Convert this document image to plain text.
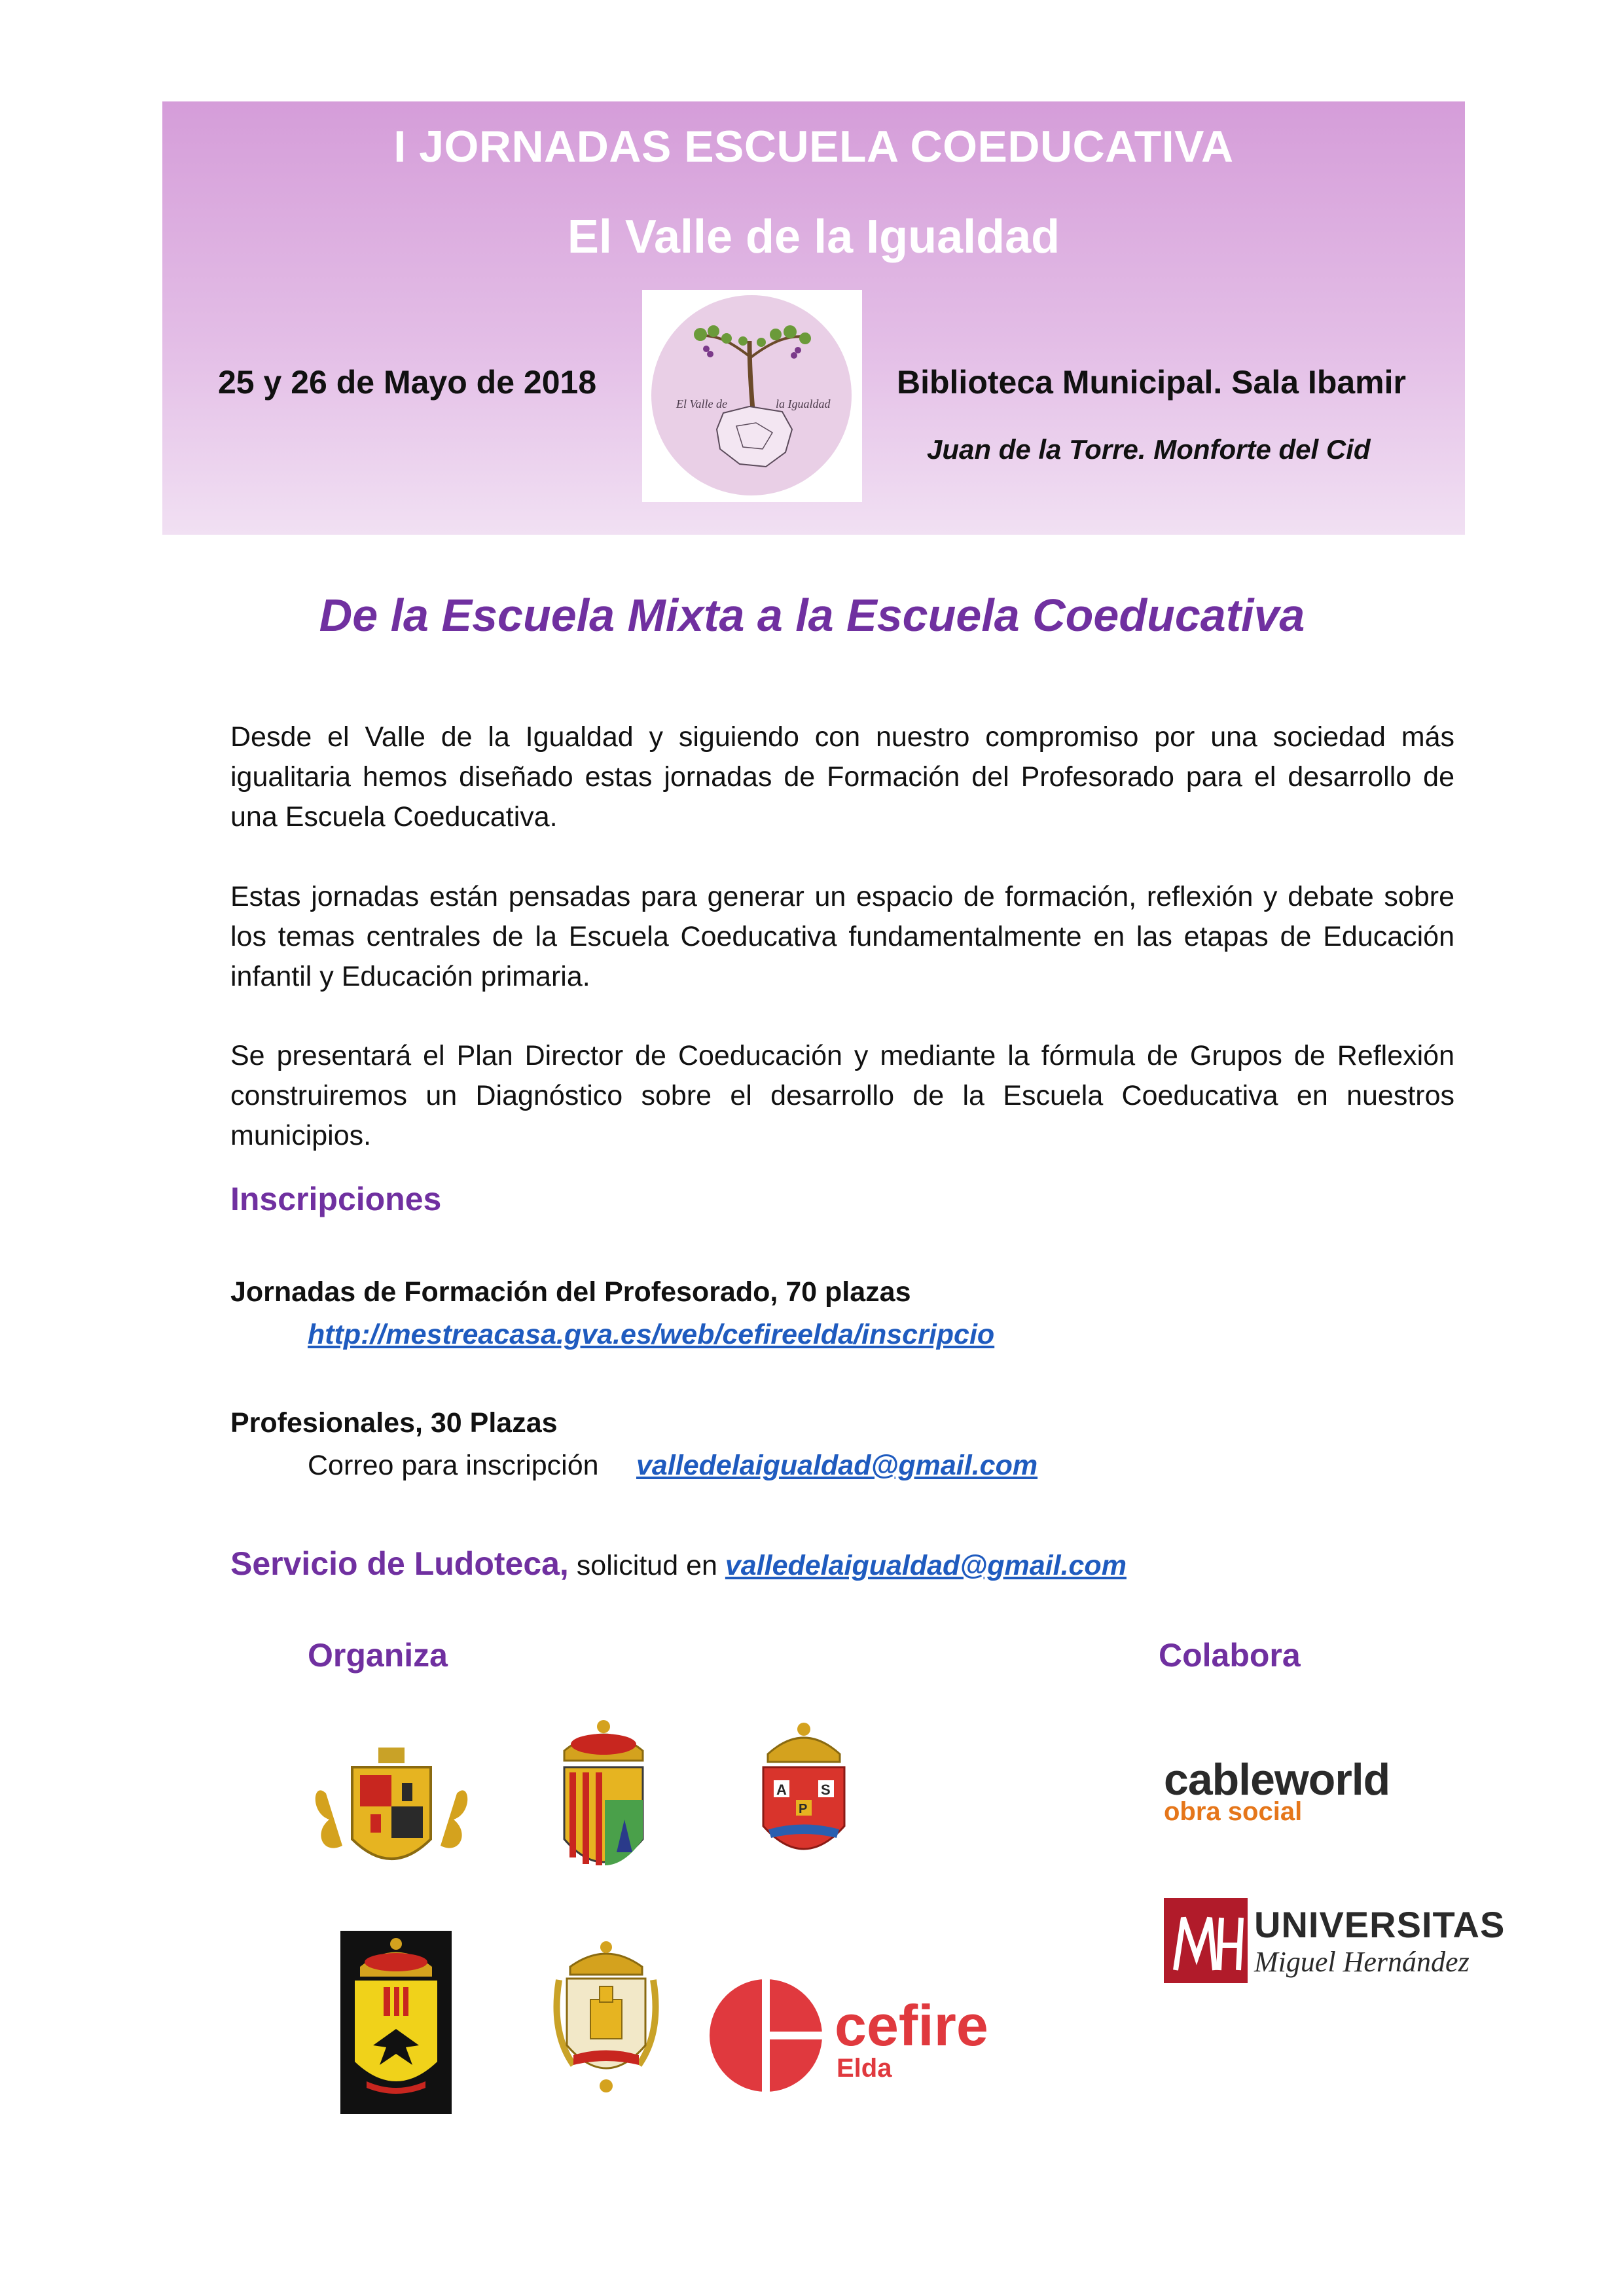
I JORNADAS ESCUELA COEDUCATIVA
El Valle de la Igualdad
25 y 26 de Mayo de 2018
El Valle de	la Igualdad
Biblioteca Municipal. Sala Ibamir
Juan de la Torre. Monforte del Cid
De la Escuela Mixta a la Escuela Coeducativa
Desde el Valle de la Igualdad y siguiendo con nuestro compromiso por una sociedad más igualitaria hemos diseñado estas jornadas de Formación del Profesorado para el desarrollo de una Escuela Coeducativa.
Estas jornadas están pensadas para generar un espacio de formación, reflexión y debate sobre los temas centrales de la Escuela Coeducativa fundamentalmente en las etapas de Educación infantil y Educación primaria.
Se presentará el Plan Director de Coeducación y mediante la fórmula de Grupos de Reflexión construiremos un Diagnóstico sobre el desarrollo de la Escuela Coeducativa en nuestros municipios.
Inscripciones
Jornadas de Formación del Profesorado, 70 plazas
http://mestreacasa.gva.es/web/cefireelda/inscripcio
Profesionales, 30 Plazas
Correo para inscripción valledelaigualdad@gmail.com
Servicio de Ludoteca, solicitud en valledelaigualdad@gmail.com
Organiza	Colabora
A S
P
cefire
Elda
cableworld
obra social
UNIVERSITAS
Miguel Hernández
